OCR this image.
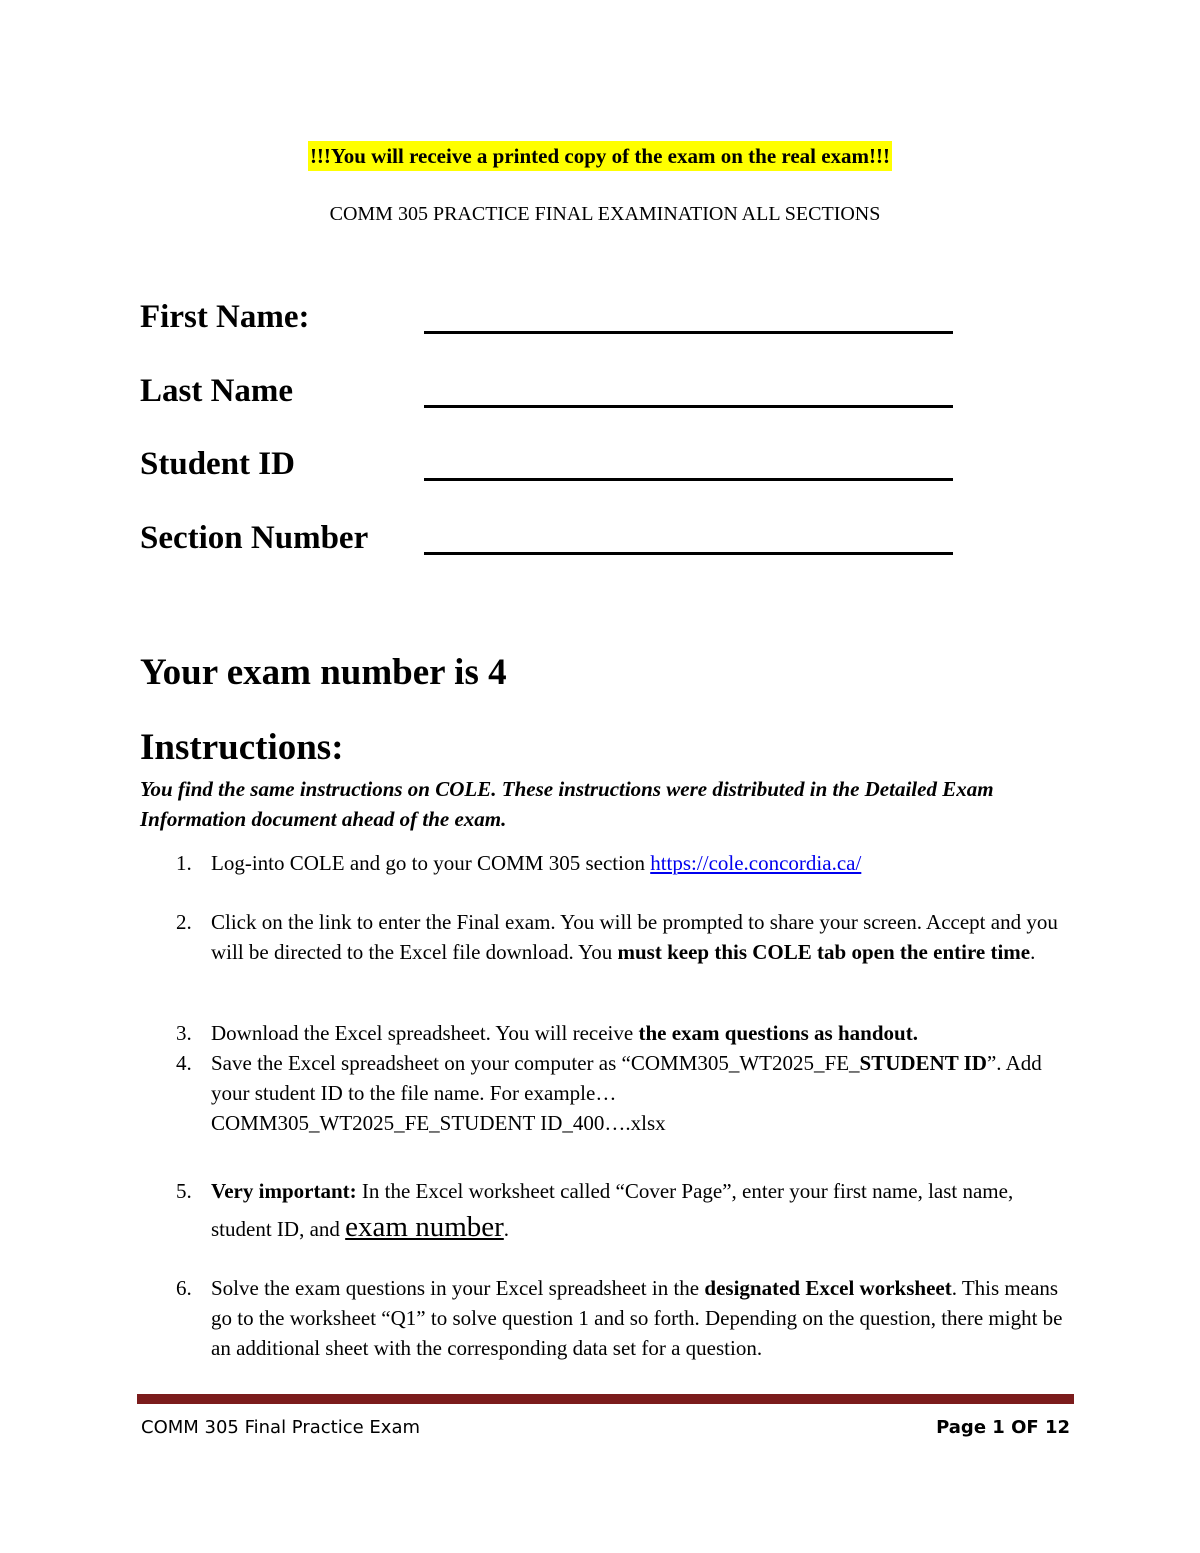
!!!You will receive a printed copy of the exam on the real exam!!!
COMM 305 PRACTICE FINAL EXAMINATION ALL SECTIONS
First Name:
Last Name
Student ID
Section Number
Your exam number is 4
Instructions:
You find the same instructions on COLE. These instructions were distributed in the Detailed Exam Information document ahead of the exam.
1. Log-into COLE and go to your COMM 305 section https://cole.concordia.ca/
2. Click on the link to enter the Final exam. You will be prompted to share your screen. Accept and you will be directed to the Excel file download. You must keep this COLE tab open the entire time.
3. Download the Excel spreadsheet. You will receive the exam questions as handout.
4. Save the Excel spreadsheet on your computer as “COMM305_WT2025_FE_STUDENT ID”. Add your student ID to the file name. For example…
COMM305_WT2025_FE_STUDENT ID_400….xlsx
5. Very important: In the Excel worksheet called “Cover Page”, enter your first name, last name, student ID, and exam number.
6. Solve the exam questions in your Excel spreadsheet in the designated Excel worksheet. This means go to the worksheet “Q1” to solve question 1 and so forth. Depending on the question, there might be an additional sheet with the corresponding data set for a question.
COMM 305 Final Practice Exam	Page 1 OF 12
